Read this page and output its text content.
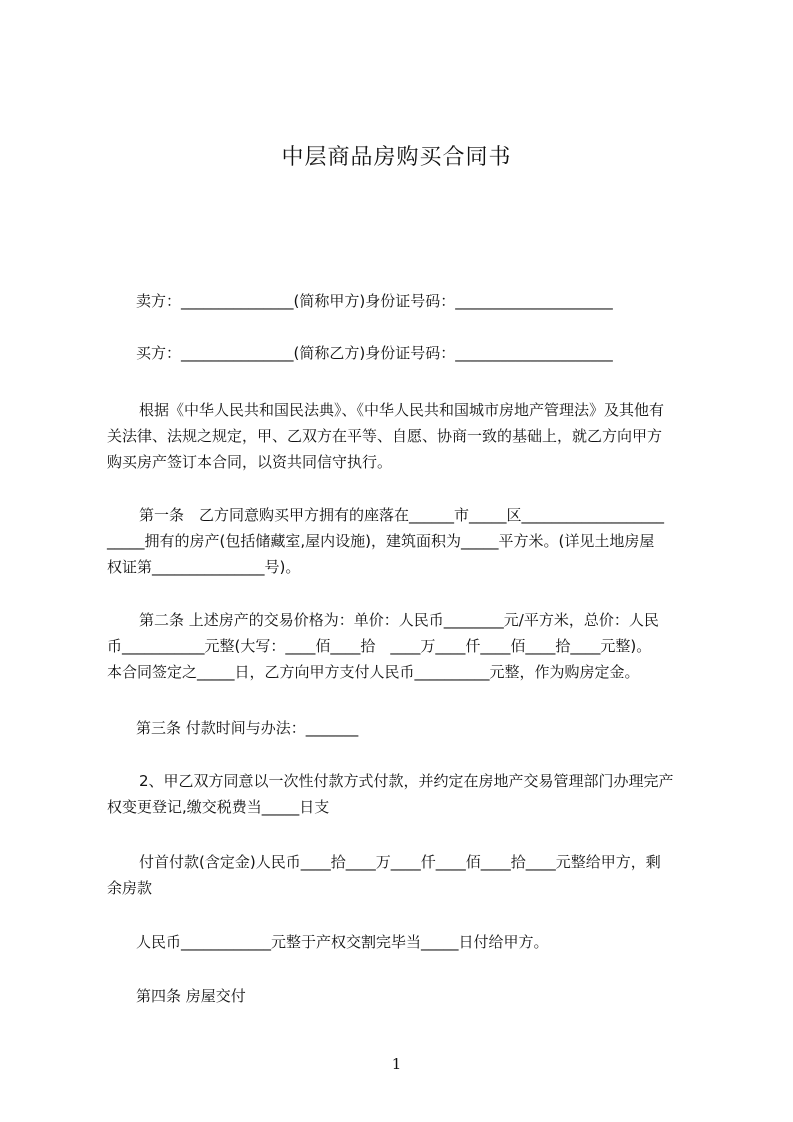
中层商品房购买合同书
卖方：_______________(简称甲方)身份证号码：_____________________
买方：_______________(简称乙方)身份证号码：_____________________
根据《中华人民共和国民法典》、《中华人民共和国城市房地产管理法》及其他有
关法律、法规之规定，甲、乙双方在平等、自愿、协商一致的基础上，就乙方向甲方
购买房产签订本合同，以资共同信守执行。
第一条　乙方同意购买甲方拥有的座落在______市_____区___________________
_____拥有的房产(包括储藏室,屋内设施)，建筑面积为_____平方米。(详见土地房屋
权证第_______________号)。
第二条 上述房产的交易价格为：单价：人民币________元/平方米，总价：人民
币___________元整(大写：____佰____拾　____万____仟____佰____拾____元整)。
本合同签定之_____日，乙方向甲方支付人民币__________元整，作为购房定金。
第三条 付款时间与办法：_______
2、甲乙双方同意以一次性付款方式付款，并约定在房地产交易管理部门办理完产
权变更登记,缴交税费当_____日支
付首付款(含定金)人民币____拾____万____仟____佰____拾____元整给甲方，剩
余房款
人民币____________元整于产权交割完毕当_____日付给甲方。
第四条 房屋交付
1
